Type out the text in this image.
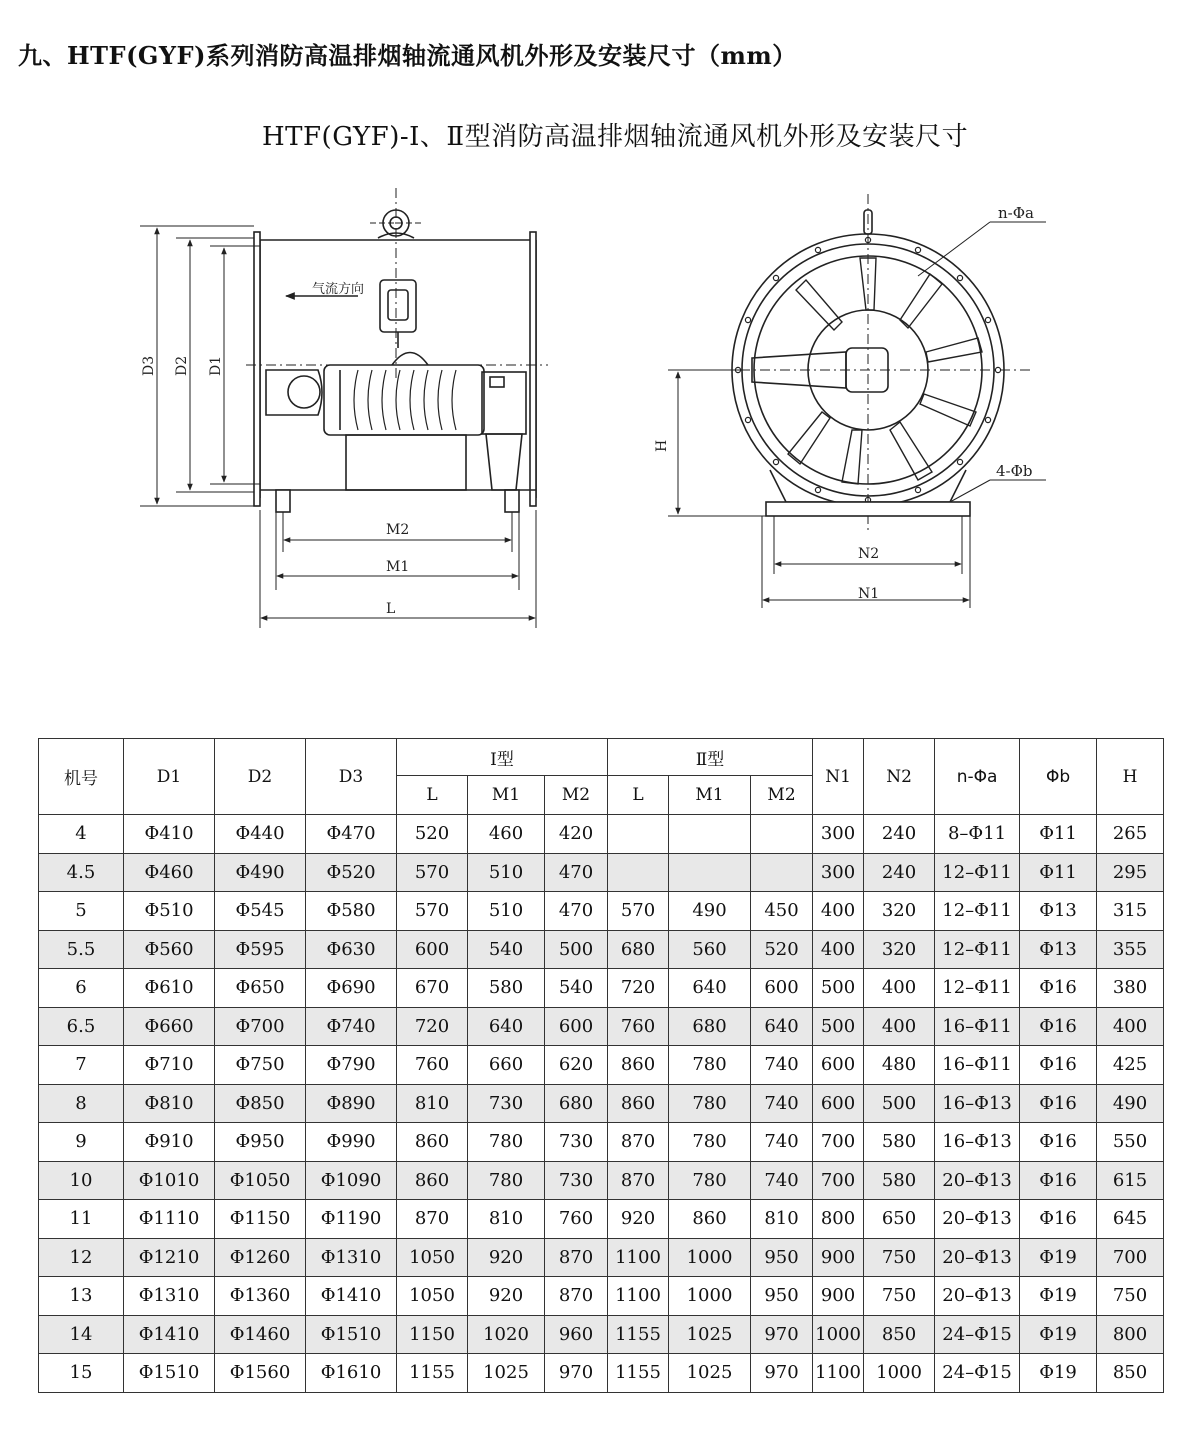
九、HTF(GYF)系列消防高温排烟轴流通风机外形及安装尺寸（mm）
HTF(GYF)-Ⅰ、Ⅱ型消防高温排烟轴流通风机外形及安装尺寸
气流方向
D3 D2 D1
M2
M1
L
H
N2
N1
n-Φa
4-Φb
机号	D1	D2	D3	Ⅰ型			Ⅱ型			N1	N2	n-Φa	Φb	H
				L	M1	M2	L	M1	M2					
4	Φ410	Φ440	Φ470	520	460	420				300	240	8–Φ11	Φ11	265
4.5	Φ460	Φ490	Φ520	570	510	470				300	240	12–Φ11	Φ11	295
5	Φ510	Φ545	Φ580	570	510	470	570	490	450	400	320	12–Φ11	Φ13	315
5.5	Φ560	Φ595	Φ630	600	540	500	680	560	520	400	320	12–Φ11	Φ13	355
6	Φ610	Φ650	Φ690	670	580	540	720	640	600	500	400	12–Φ11	Φ16	380
6.5	Φ660	Φ700	Φ740	720	640	600	760	680	640	500	400	16–Φ11	Φ16	400
7	Φ710	Φ750	Φ790	760	660	620	860	780	740	600	480	16–Φ11	Φ16	425
8	Φ810	Φ850	Φ890	810	730	680	860	780	740	600	500	16–Φ13	Φ16	490
9	Φ910	Φ950	Φ990	860	780	730	870	780	740	700	580	16–Φ13	Φ16	550
10	Φ1010	Φ1050	Φ1090	860	780	730	870	780	740	700	580	20–Φ13	Φ16	615
11	Φ1110	Φ1150	Φ1190	870	810	760	920	860	810	800	650	20–Φ13	Φ16	645
12	Φ1210	Φ1260	Φ1310	1050	920	870	1100	1000	950	900	750	20–Φ13	Φ19	700
13	Φ1310	Φ1360	Φ1410	1050	920	870	1100	1000	950	900	750	20–Φ13	Φ19	750
14	Φ1410	Φ1460	Φ1510	1150	1020	960	1155	1025	970	1000	850	24–Φ15	Φ19	800
15	Φ1510	Φ1560	Φ1610	1155	1025	970	1155	1025	970	1100	1000	24–Φ15	Φ19	850
